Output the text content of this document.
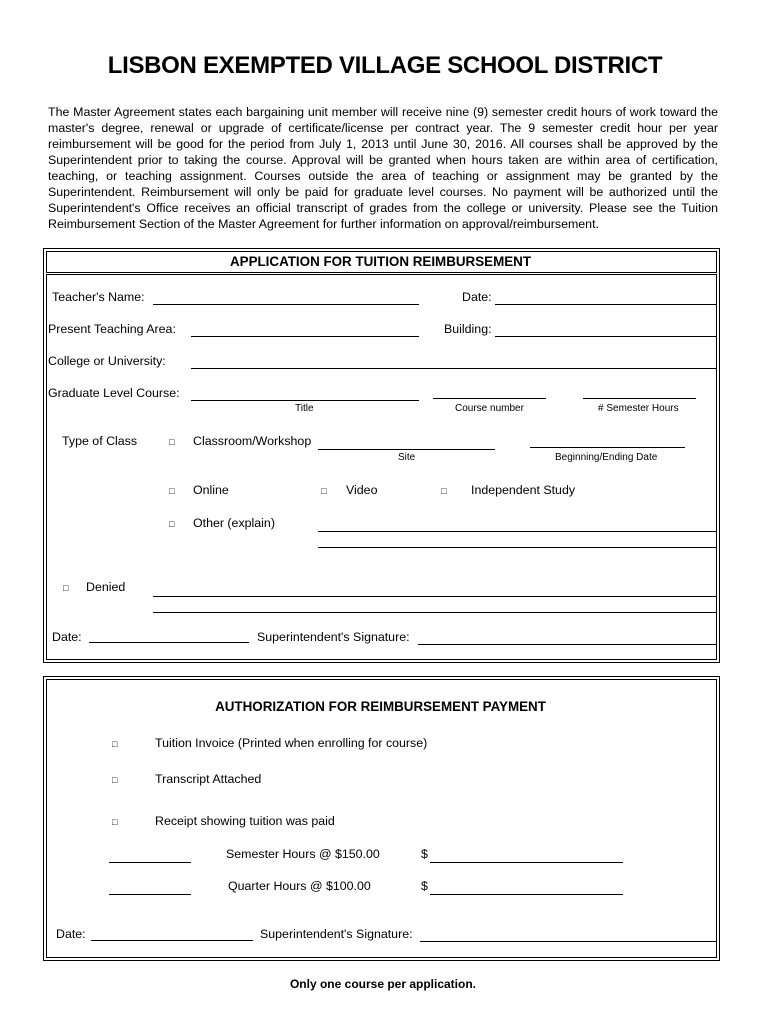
LISBON EXEMPTED VILLAGE SCHOOL DISTRICT
The Master Agreement states each bargaining unit member will receive nine (9) semester credit hours of work toward the master's degree, renewal or upgrade of certificate/license per contract year. The 9 semester credit hour per year reimbursement will be good for the period from July 1, 2013 until June 30, 2016. All courses shall be approved by the Superintendent prior to taking the course. Approval will be granted when hours taken are within area of certification, teaching, or teaching assignment. Courses outside the area of teaching or assignment may be granted by the Superintendent. Reimbursement will only be paid for graduate level courses. No payment will be authorized until the Superintendent's Office receives an official transcript of grades from the college or university. Please see the Tuition Reimbursement Section of the Master Agreement for further information on approval/reimbursement.
APPLICATION FOR TUITION REIMBURSEMENT
Teacher's Name:	Date:
Present Teaching Area:	Building:
College or University:
Graduate Level Course:
Title	Course number	# Semester Hours
Type of Class	□ Classroom/Workshop
Site	Beginning/Ending Date
□ Online	□ Video	□ Independent Study
□ Other (explain)
□ Denied
Date:	Superintendent's Signature:
AUTHORIZATION FOR REIMBURSEMENT PAYMENT
□	Tuition Invoice (Printed when enrolling for course)
□	Transcript Attached
□	Receipt showing tuition was paid
Semester Hours @ $150.00	$
Quarter Hours @ $100.00	$
Date:	Superintendent's Signature:
Only one course per application.
